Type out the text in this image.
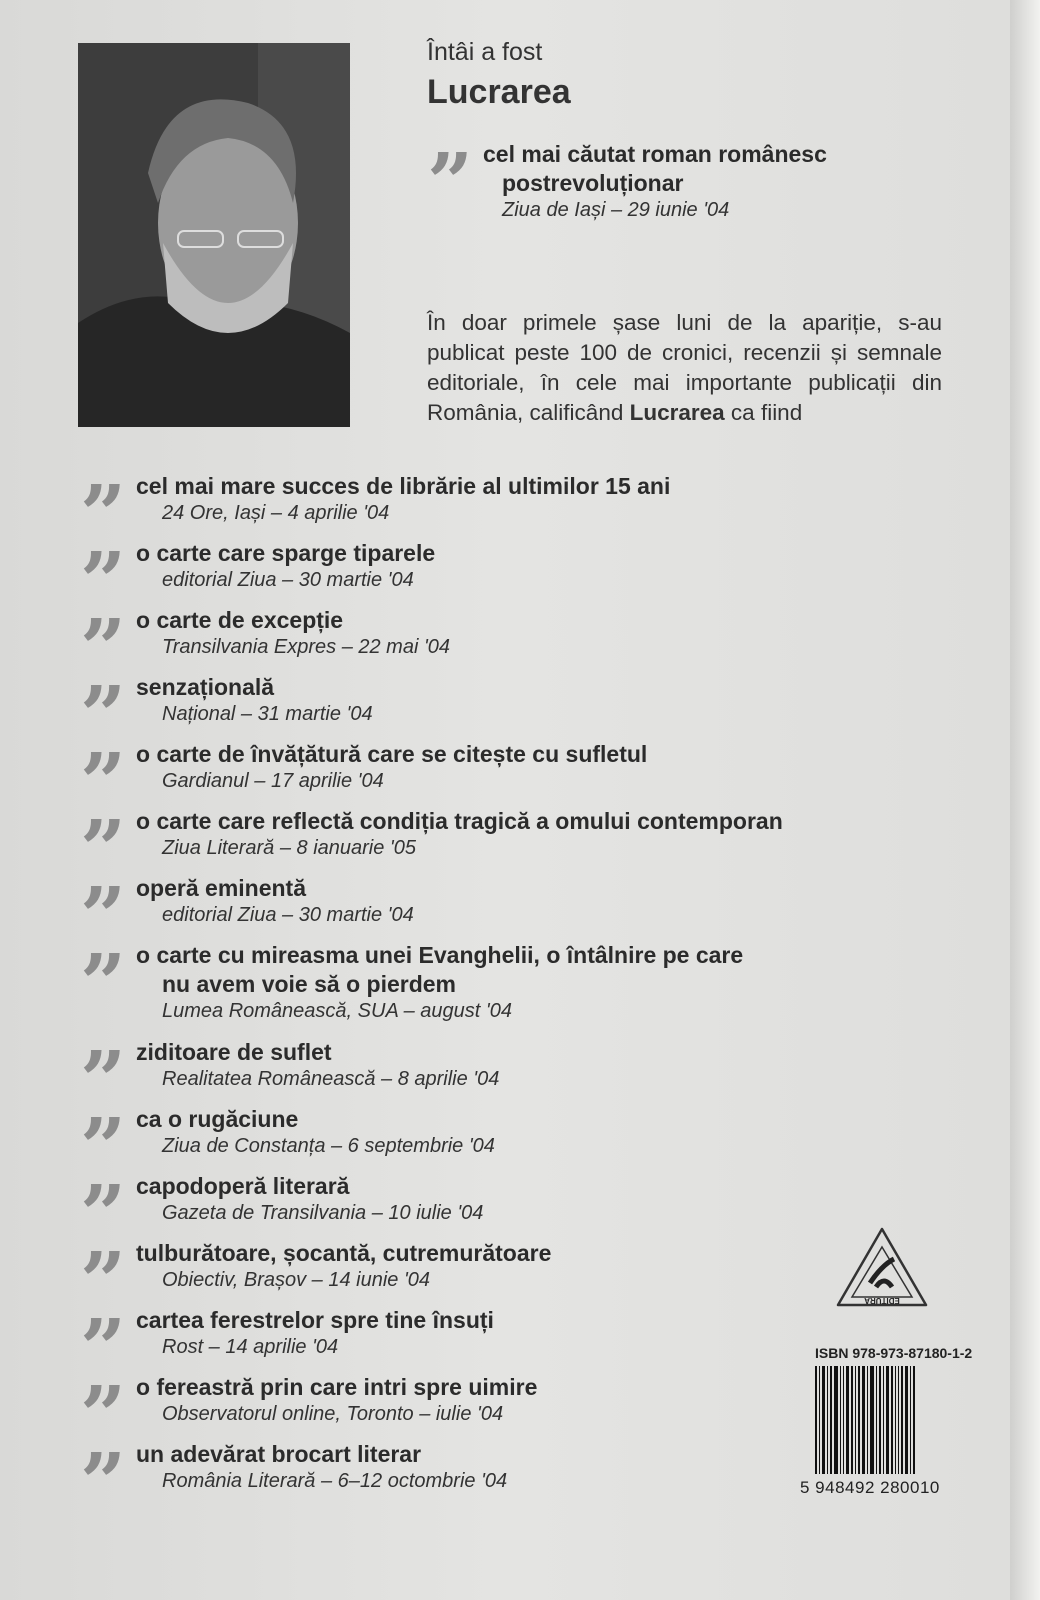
Întâi a fost
Lucrarea
” cel mai căutat roman românesc
postrevoluționar
Ziua de Iași – 29 iunie '04
În doar primele șase luni de la apariție, s-au publicat peste 100 de cronici, recenzii și semnale editoriale, în cele mai importante publicații din România, calificând Lucrarea ca fiind
” cel mai mare succes de librărie al ultimilor 15 ani
24 Ore, Iași – 4 aprilie '04
” o carte care sparge tiparele
editorial Ziua – 30 martie '04
” o carte de excepție
Transilvania Expres – 22 mai '04
” senzațională
Național – 31 martie '04
” o carte de învățătură care se citește cu sufletul
Gardianul – 17 aprilie '04
” o carte care reflectă condiția tragică a omului contemporan
Ziua Literară – 8 ianuarie '05
” operă eminentă
editorial Ziua – 30 martie '04
” o carte cu mireasma unei Evanghelii, o întâlnire pe care
nu avem voie să o pierdem
Lumea Românească, SUA – august '04
” ziditoare de suflet
Realitatea Românească – 8 aprilie '04
” ca o rugăciune
Ziua de Constanța – 6 septembrie '04
” capodoperă literară
Gazeta de Transilvania – 10 iulie '04
” tulburătoare, șocantă, cutremurătoare
Obiectiv, Brașov – 14 iunie '04
” cartea ferestrelor spre tine însuți
Rost – 14 aprilie '04
” o fereastră prin care intri spre uimire
Observatorul online, Toronto – iulie '04
” un adevărat brocart literar
România Literară – 6–12 octombrie '04
EDITURA
ISBN 978-973-87180-1-2
5 948492 280010
